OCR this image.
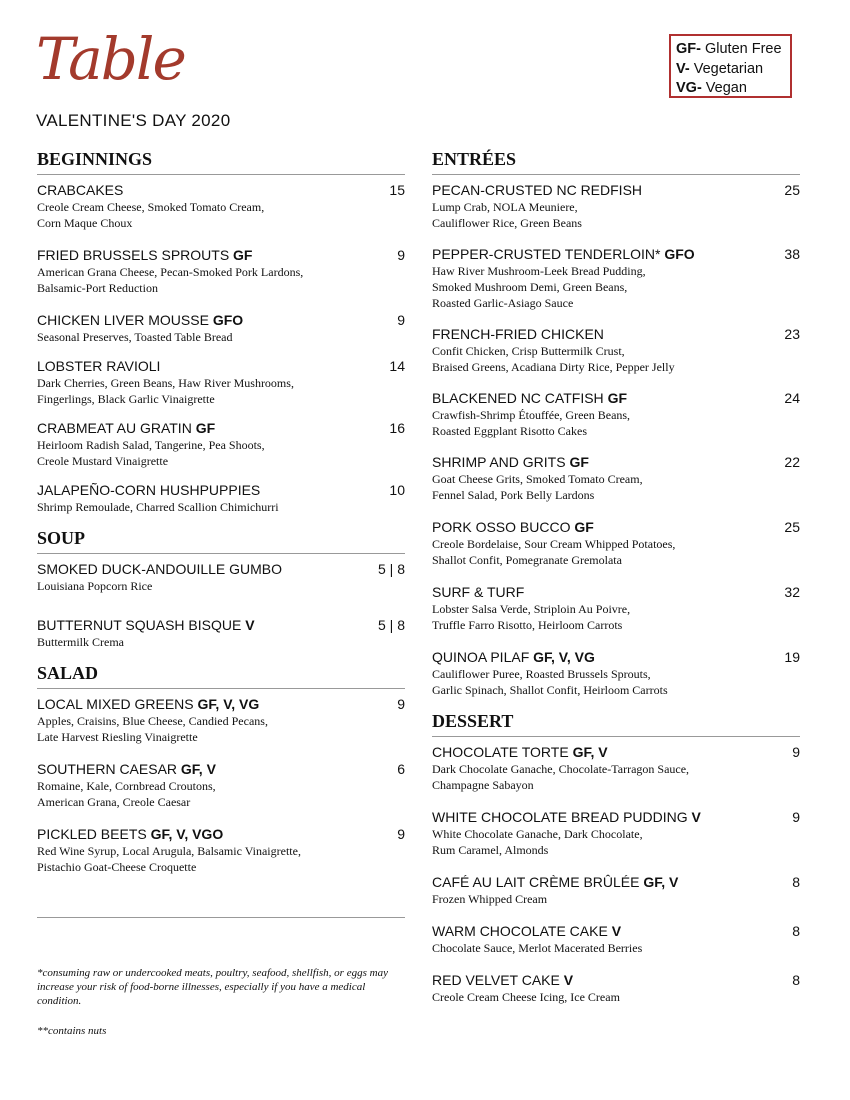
Table
VALENTINE'S DAY 2020
GF- Gluten Free
V- Vegetarian
VG- Vegan
BEGINNINGS
CRABCAKES	15
Creole Cream Cheese, Smoked Tomato Cream,
Corn Maque Choux
FRIED BRUSSELS SPROUTS GF	9
American Grana Cheese, Pecan-Smoked Pork Lardons,
Balsamic-Port Reduction
CHICKEN LIVER MOUSSE GFO	9
Seasonal Preserves, Toasted Table Bread
LOBSTER RAVIOLI	14
Dark Cherries, Green Beans, Haw River Mushrooms,
Fingerlings, Black Garlic Vinaigrette
CRABMEAT AU GRATIN GF	16
Heirloom Radish Salad, Tangerine, Pea Shoots,
Creole Mustard Vinaigrette
JALAPEÑO-CORN HUSHPUPPIES	10
Shrimp Remoulade, Charred Scallion Chimichurri
SOUP
SMOKED DUCK-ANDOUILLE GUMBO	5 | 8
Louisiana Popcorn Rice
BUTTERNUT SQUASH BISQUE V	5 | 8
Buttermilk Crema
SALAD
LOCAL MIXED GREENS GF, V, VG	9
Apples, Craisins, Blue Cheese, Candied Pecans,
Late Harvest Riesling Vinaigrette
SOUTHERN CAESAR GF, V	6
Romaine, Kale, Cornbread Croutons,
American Grana, Creole Caesar
PICKLED BEETS GF, V, VGO	9
Red Wine Syrup, Local Arugula, Balsamic Vinaigrette,
Pistachio Goat-Cheese Croquette
ENTRÉES
PECAN-CRUSTED NC REDFISH	25
Lump Crab, NOLA Meuniere,
Cauliflower Rice, Green Beans
PEPPER-CRUSTED TENDERLOIN* GFO	38
Haw River Mushroom-Leek Bread Pudding,
Smoked Mushroom Demi, Green Beans,
Roasted Garlic-Asiago Sauce
FRENCH-FRIED CHICKEN	23
Confit Chicken, Crisp Buttermilk Crust,
Braised Greens, Acadiana Dirty Rice, Pepper Jelly
BLACKENED NC CATFISH GF	24
Crawfish-Shrimp Étouffée, Green Beans,
Roasted Eggplant Risotto Cakes
SHRIMP AND GRITS GF	22
Goat Cheese Grits, Smoked Tomato Cream,
Fennel Salad, Pork Belly Lardons
PORK OSSO BUCCO GF	25
Creole Bordelaise, Sour Cream Whipped Potatoes,
Shallot Confit, Pomegranate Gremolata
SURF & TURF	32
Lobster Salsa Verde, Striploin Au Poivre,
Truffle Farro Risotto, Heirloom Carrots
QUINOA PILAF GF, V, VG	19
Cauliflower Puree, Roasted Brussels Sprouts,
Garlic Spinach, Shallot Confit, Heirloom Carrots
DESSERT
CHOCOLATE TORTE GF, V	9
Dark Chocolate Ganache, Chocolate-Tarragon Sauce,
Champagne Sabayon
WHITE CHOCOLATE BREAD PUDDING V	9
White Chocolate Ganache, Dark Chocolate,
Rum Caramel, Almonds
CAFÉ AU LAIT CRÈME BRÛLÉE GF, V	8
Frozen Whipped Cream
WARM CHOCOLATE CAKE V	8
Chocolate Sauce, Merlot Macerated Berries
RED VELVET CAKE V	8
Creole Cream Cheese Icing, Ice Cream
*consuming raw or undercooked meats, poultry, seafood, shellfish, or eggs may increase your risk of food-borne illnesses, especially if you have a medical condition.
**contains nuts
